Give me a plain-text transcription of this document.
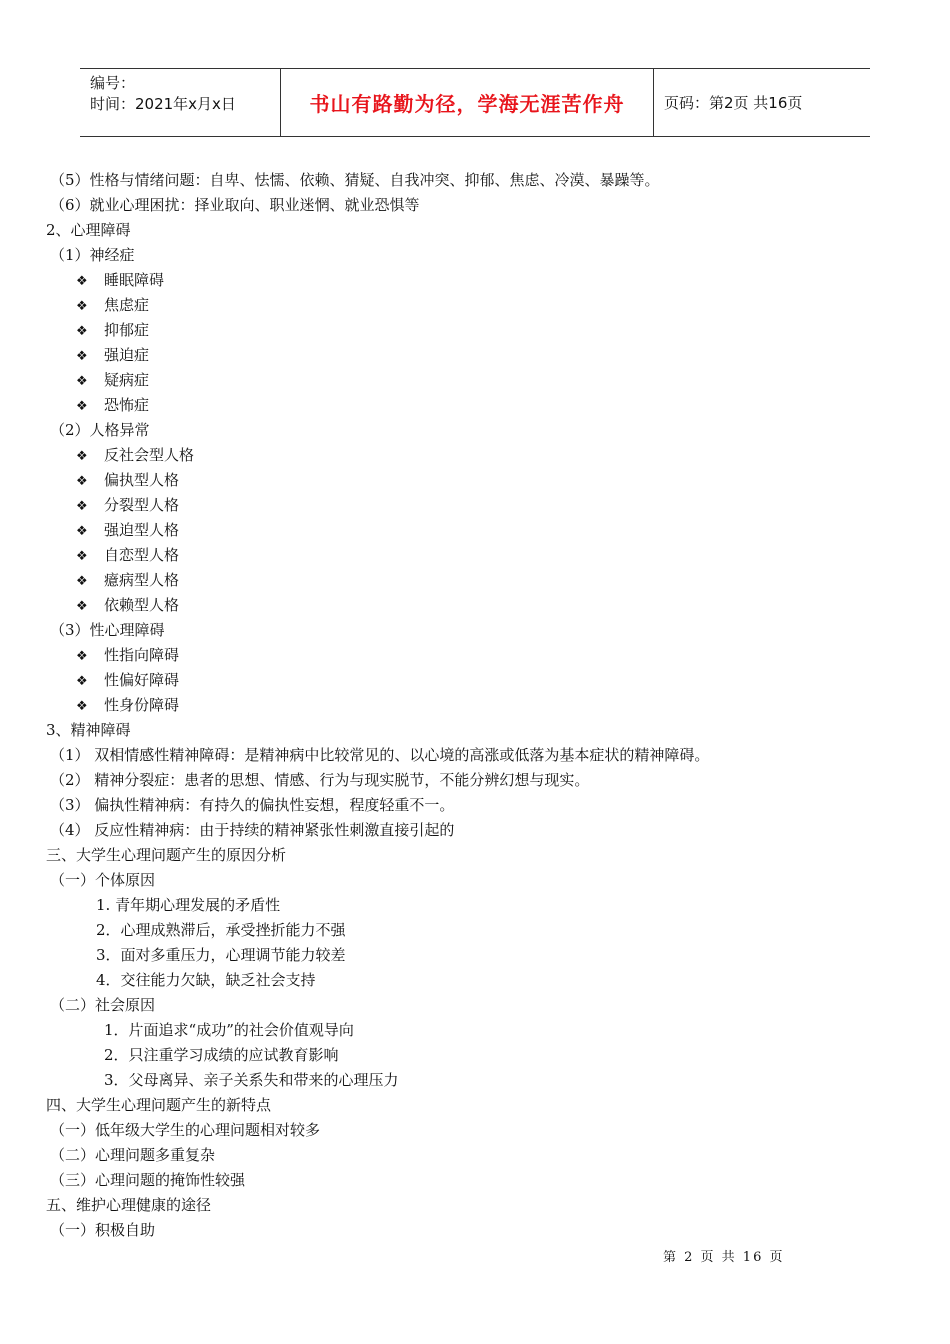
编号：
时间：2021年x月x日	书山有路勤为径，学海无涯苦作舟	页码：第2页 共16页
（5）性格与情绪问题：自卑、怯懦、依赖、猜疑、自我冲突、抑郁、焦虑、冷漠、暴躁等。
（6）就业心理困扰：择业取向、职业迷惘、就业恐惧等
2、心理障碍
（1）神经症
❖ 睡眠障碍
❖ 焦虑症
❖ 抑郁症
❖ 强迫症
❖ 疑病症
❖ 恐怖症
（2）人格异常
❖ 反社会型人格
❖ 偏执型人格
❖ 分裂型人格
❖ 强迫型人格
❖ 自恋型人格
❖ 癔病型人格
❖ 依赖型人格
（3）性心理障碍
❖ 性指向障碍
❖ 性偏好障碍
❖ 性身份障碍
3、精神障碍
（1） 双相情感性精神障碍：是精神病中比较常见的、以心境的高涨或低落为基本症状的精神障碍。
（2） 精神分裂症：患者的思想、情感、行为与现实脱节，不能分辨幻想与现实。
（3） 偏执性精神病：有持久的偏执性妄想，程度轻重不一。
（4） 反应性精神病：由于持续的精神紧张性刺激直接引起的
三、大学生心理问题产生的原因分析
（一）个体原因
1. 青年期心理发展的矛盾性
2．心理成熟滞后，承受挫折能力不强
3．面对多重压力，心理调节能力较差
4．交往能力欠缺，缺乏社会支持
（二）社会原因
1．片面追求“成功”的社会价值观导向
2．只注重学习成绩的应试教育影响
3．父母离异、亲子关系失和带来的心理压力
四、大学生心理问题产生的新特点
（一）低年级大学生的心理问题相对较多
（二）心理问题多重复杂
（三）心理问题的掩饰性较强
五、维护心理健康的途径
（一）积极自助
第 2 页 共 16 页
